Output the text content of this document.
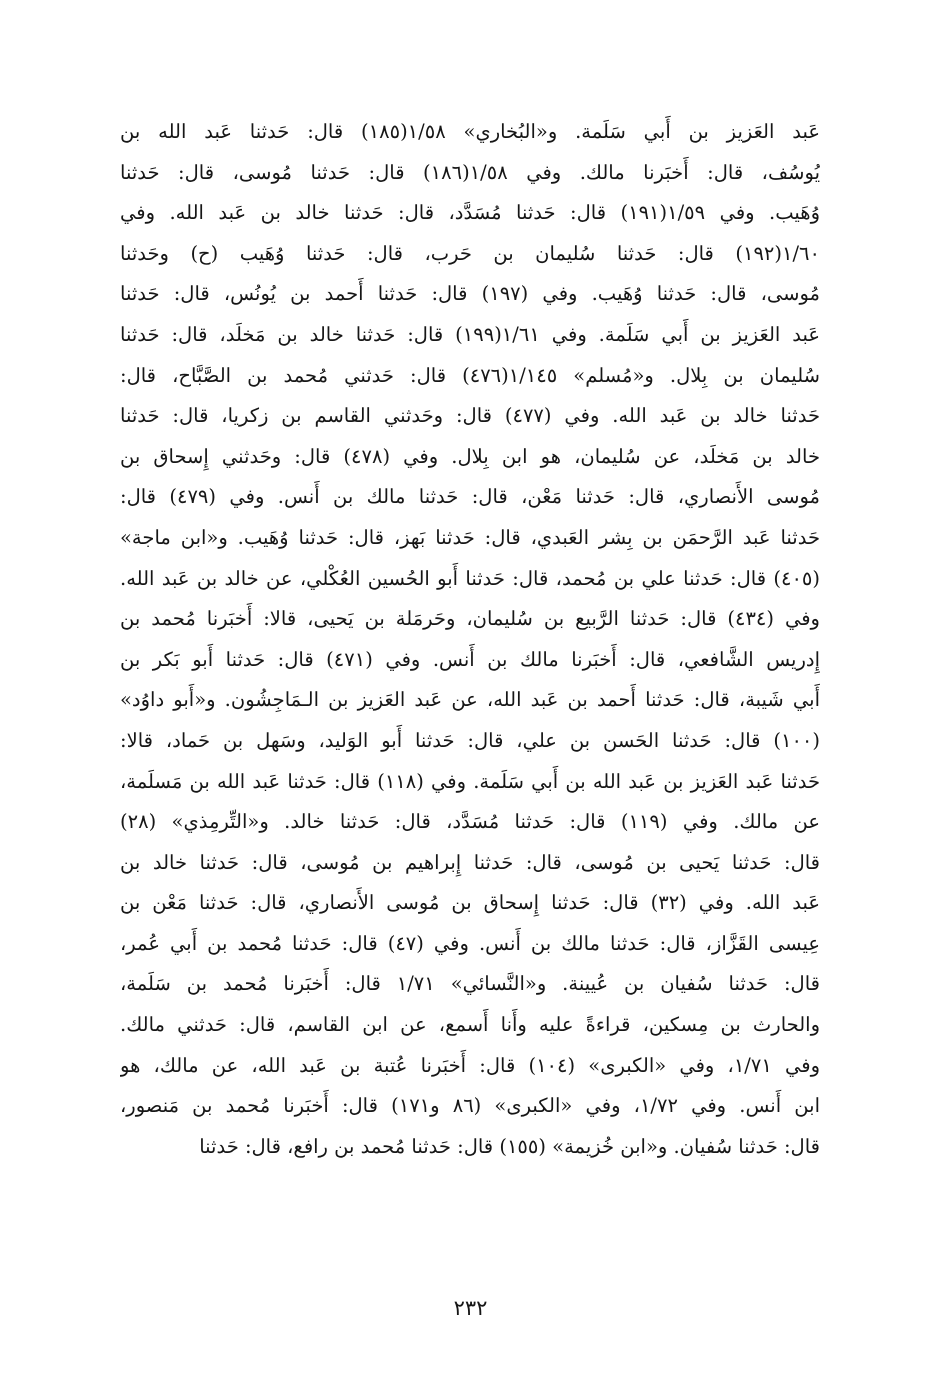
عَبد العَزيز بن أَبي سَلَمة. و«البُخاري» ١/٥٨(١٨٥) قال: حَدثنا عَبد الله بن
يُوسُف، قال: أَخبَرنا مالك. وفي ١/٥٨(١٨٦) قال: حَدثنا مُوسى، قال: حَدثنا
وُهَيب. وفي ١/٥٩(١٩١) قال: حَدثنا مُسَدَّد، قال: حَدثنا خالد بن عَبد الله. وفي
١/٦٠(١٩٢) قال: حَدثنا سُليمان بن حَرب، قال: حَدثنا وُهَيب (ح) وحَدثنا
مُوسى، قال: حَدثنا وُهَيب. وفي (١٩٧) قال: حَدثنا أَحمد بن يُونُس، قال: حَدثنا
عَبد العَزيز بن أَبي سَلَمة. وفي ١/٦١(١٩٩) قال: حَدثنا خالد بن مَخلَد، قال: حَدثنا
سُليمان بن بِلال. و«مُسلم» ١/١٤٥(٤٧٦) قال: حَدثني مُحمد بن الصَّبَّاح، قال:
حَدثنا خالد بن عَبد الله. وفي (٤٧٧) قال: وحَدثني القاسم بن زكريا، قال: حَدثنا
خالد بن مَخلَد، عن سُليمان، هو ابن بِلال. وفي (٤٧٨) قال: وحَدثني إِسحاق بن
مُوسى الأَنصاري، قال: حَدثنا مَعْن، قال: حَدثنا مالك بن أَنس. وفي (٤٧٩) قال:
حَدثنا عَبد الرَّحمَن بن بِشر العَبدي، قال: حَدثنا بَهز، قال: حَدثنا وُهَيب. و«ابن ماجة»
(٤٠٥) قال: حَدثنا علي بن مُحمد، قال: حَدثنا أَبو الحُسين العُكْلي، عن خالد بن عَبد الله.
وفي (٤٣٤) قال: حَدثنا الرَّبيع بن سُليمان، وحَرمَلة بن يَحيى، قالا: أَخبَرنا مُحمد بن
إِدريس الشَّافعي، قال: أَخبَرنا مالك بن أَنس. وفي (٤٧١) قال: حَدثنا أَبو بَكر بن
أَبي شَيبة، قال: حَدثنا أَحمد بن عَبد الله، عن عَبد العَزيز بن الـمَاجِشُون. و«أَبو داوُد»
(١٠٠) قال: حَدثنا الحَسن بن علي، قال: حَدثنا أَبو الوَليد، وسَهل بن حَماد، قالا:
حَدثنا عَبد العَزيز بن عَبد الله بن أَبي سَلَمة. وفي (١١٨) قال: حَدثنا عَبد الله بن مَسلَمة،
عن مالك. وفي (١١٩) قال: حَدثنا مُسَدَّد، قال: حَدثنا خالد. و«التِّرمِذي» (٢٨)
قال: حَدثنا يَحيى بن مُوسى، قال: حَدثنا إِبراهيم بن مُوسى، قال: حَدثنا خالد بن
عَبد الله. وفي (٣٢) قال: حَدثنا إِسحاق بن مُوسى الأَنصاري، قال: حَدثنا مَعْن بن
عِيسى القَزَّاز، قال: حَدثنا مالك بن أَنس. وفي (٤٧) قال: حَدثنا مُحمد بن أَبي عُمر،
قال: حَدثنا سُفيان بن عُيينة. و«النَّسائي» ١/٧١ قال: أَخبَرنا مُحمد بن سَلَمة،
والحارث بن مِسكين، قراءةً عليه وأَنا أَسمع، عن ابن القاسم، قال: حَدثني مالك.
وفي ١/٧١، وفي «الكبرى» (١٠٤) قال: أَخبَرنا عُتبة بن عَبد الله، عن مالك، هو
ابن أَنس. وفي ١/٧٢، وفي «الكبرى» (٨٦ و١٧١) قال: أَخبَرنا مُحمد بن مَنصور،
قال: حَدثنا سُفيان. و«ابن خُزيمة» (١٥٥) قال: حَدثنا مُحمد بن رافع، قال: حَدثنا
٢٣٢
